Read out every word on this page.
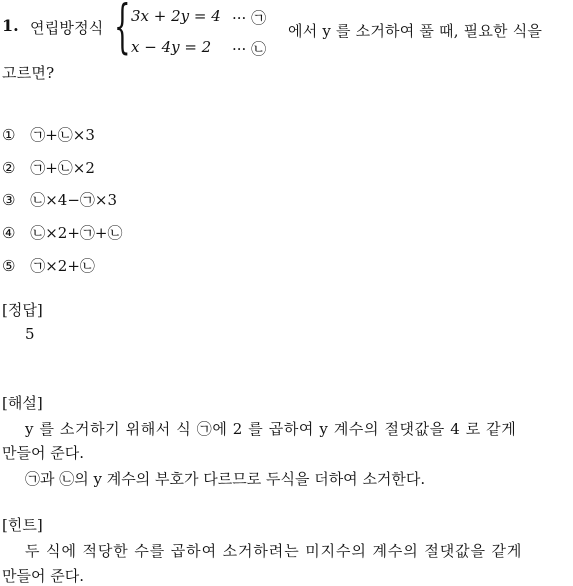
1. 연립방정식 { 3x + 2y = 4 ··· ㉠
x − 4y = 2 ··· ㉡
에서 y 를 소거하여 풀 때, 필요한 식을
고르면?
① ㉠+㉡×3
② ㉠+㉡×2
③ ㉡×4−㉠×3
④ ㉡×2+㉠+㉡
⑤ ㉠×2+㉡
[정답]
5
[해설]
y 를 소거하기 위해서 식 ㉠에 2 를 곱하여 y 계수의 절댓값을 4 로 같게
만들어 준다.
㉠과 ㉡의 y 계수의 부호가 다르므로 두식을 더하여 소거한다.
[힌트]
두 식에 적당한 수를 곱하여 소거하려는 미지수의 계수의 절댓값을 같게
만들어 준다.
